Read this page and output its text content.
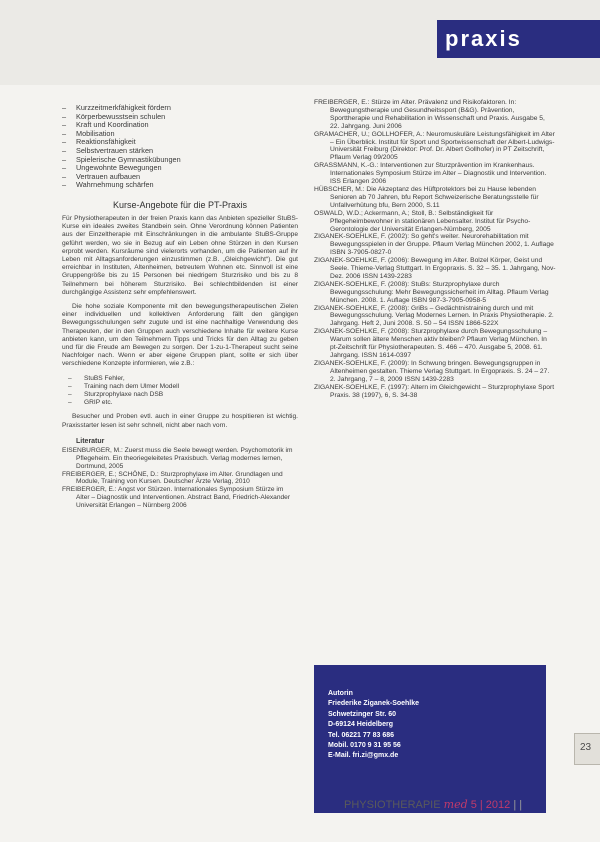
praxis
– Kurzzeitmerkfähigkeit fördern
– Körperbewusstsein schulen
– Kraft und Koordination
– Mobilisation
– Reaktionsfähigkeit
– Selbstvertrauen stärken
– Spielerische Gymnastikübungen
– Ungewohnte Bewegungen
– Vertrauen aufbauen
– Wahrnehmung schärfen
Kurse-Angebote für die PT-Praxis

Für Physiotherapeuten in der freien Praxis kann das Anbieten spezieller StuBS-Kurse ein ideales zweites Standbein sein. Ohne Verordnung können Patienten aus der Einzeltherapie mit Einschränkungen in die ambulante StuBS-Gruppe geführt werden, wo sie in Bezug auf ein Leben ohne Stürzen in den Kursen erprobt werden. Kursräume sind vielerorts vorhanden, um die Patienten auf ihr Leben mit Alltagsanforderungen einzustimmen (z.B. „Gleichgewicht“). Die gut erreichbar in Instituten, Altenheimen, betreutem Wohnen etc. Sinnvoll ist eine Gruppengröße bis zu 15 Personen bei niedrigem Sturzrisiko und bis zu 8 Teilnehmern bei höherem Sturzrisiko. Bei schlechtbildenden ist einer durchgängige Assistenz sehr empfehlenswert.

Die hohe soziale Komponente mit den bewegungstherapeutischen Zielen einer individuellen und kollektiven Anforderung fällt den gängigen Bewegungsschulungen sehr zugute und ist eine nachhaltige Verwendung des Therapeuten, der in den Gruppen auch verschiedene Inhalte für weitere Kurse anbieten kann, um den Teilnehmern Tipps und Tricks für den Alltag zu geben und für die Freude am Bewegen zu sorgen. Der 1-zu-1-Therapeut sucht seine Nachfolger nach. Wenn er aber eigene Gruppen plant, sollte er sich über verschiedene Konzepte informieren, wie z.B.:

– StuBS Fehler,
– Training nach dem Ulmer Modell
– Sturzprophylaxe nach DSB
– GRIP etc.

Besucher und Proben evtl. auch in einer Gruppe zu hospitieren ist wichtig. Praxisstarter lesen ist sehr schnell, nicht aber nach vorn.

Literatur

EISENBURGER, M.: Zuerst muss die Seele bewegt werden. Psychomotorik im Pflegeheim. Ein theoriegeleitetes Praxisbuch. Verlag modernes lernen, Dortmund, 2005

FREIBERGER, E.; SCHÖNE, D.: Sturzprophylaxe im Alter. Grundlagen und Module, Training von Kursen. Deutscher Ärzte Verlag, 2010

FREIBERGER, E.: Angst vor Stürzen. Internationales Symposium Stürze im Alter – Diagnostik und Interventionen. Abstract Band, Friedrich-Alexander Universität Erlangen – Nürnberg 2006

FREIBERGER, E.: Stürze im Alter. Prävalenz und Risikofaktoren. In: Bewegungstherapie und Gesundheitssport (B&G). Prävention, Sporttherapie und Rehabilitation in Wissenschaft und Praxis. Ausgabe 5, 22. Jahrgang. Juni 2006

GRAMACHER, U.; GOLLHOFER, A.: Neuromuskuläre Leistungsfähigkeit im Alter – Ein Überblick. Institut für Sport und Sportwissenschaft der Albert-Ludwigs-Universität Freiburg (Direktor: Prof. Dr. Albert Gollhofer) in PT Zeitschrift, Pflaum Verlag 09/2005

GRASSMANN, K.-G.: Interventionen zur Sturzprävention im Krankenhaus. Internationales Symposium Stürze im Alter – Diagnostik und Intervention. ISS Erlangen 2006

HÜBSCHER, M.: Die Akzeptanz des Hüftprotektors bei zu Hause lebenden Senioren ab 70 Jahren, bfu Report Schweizerische Beratungsstelle für Unfallverhütung bfu, Bern 2000, S.11

OSWALD, W.D.; Ackermann, A.; Stoll, B.: Selbständigkeit für Pflegeheimbewohner in stationären Lebensalter. Institut für Psycho-Gerontologie der Universität Erlangen-Nürnberg, 2005

ZIGANEK-SOEHLKE, F. (2002): So geht's weiter. Neurorehabilitation mit Bewegungsspielen in der Gruppe. Pflaum Verlag München 2002, 1. Auflage ISBN 3-7905-0827-0

ZIGANEK-SOEHLKE, F. (2006): Bewegung im Alter. Bolzel Körper, Geist und Seele. Thieme-Verlag Stuttgart. In Ergopraxis. S. 32 – 35. 1. Jahrgang, Nov-Dez. 2006 ISSN 1439-2283

ZIGANEK-SOEHLKE, F. (2008): StuBs: Sturzprophylaxe durch Bewegungsschulung: Mehr Bewegungssicherheit im Alltag. Pflaum Verlag München. 2008. 1. Auflage ISBN 987-3-7905-0958-5

ZIGANEK-SOEHLKE, F. (2008): GriBs – Gedächtnistraining durch und mit Bewegungsschulung. Verlag Modernes Lernen. In Praxis Physiotherapie. 2. Jahrgang. Heft 2, Juni 2008. S. 50 – 54 ISSN 1866-522X

ZIGANEK-SOEHLKE, F. (2008): Sturzprophylaxe durch Bewegungsschulung – Warum sollen ältere Menschen aktiv bleiben? Pflaum Verlag München. In pt-Zeitschrift für Physiotherapeuten. S. 466 – 470. Ausgabe 5, 2008. 61. Jahrgang. ISSN 1614-0397

ZIGANEK-SOEHLKE, F. (2009): In Schwung bringen. Bewegungsgruppen in Altenheimen gestalten. Thieme Verlag Stuttgart. In Ergopraxis. S. 24 – 27. 2. Jahrgang, 7 – 8, 2009 ISSN 1439-2283

ZIGANEK-SOEHLKE, F. (1997): Altern im Gleichgewicht – Sturzprophylaxe Sport Praxis. 38 (1997), 6, S. 34-38

Autorin
Friederike Ziganek-Soehlke
Schwetzinger Str. 60
D-69124 Heidelberg
Tel. 06221 77 83 686
Mobil. 0170 9 31 95 56
E-Mail. fri.zi@gmx.de
23
PHYSIOTHERAPIE med 5 | 2012 | |
